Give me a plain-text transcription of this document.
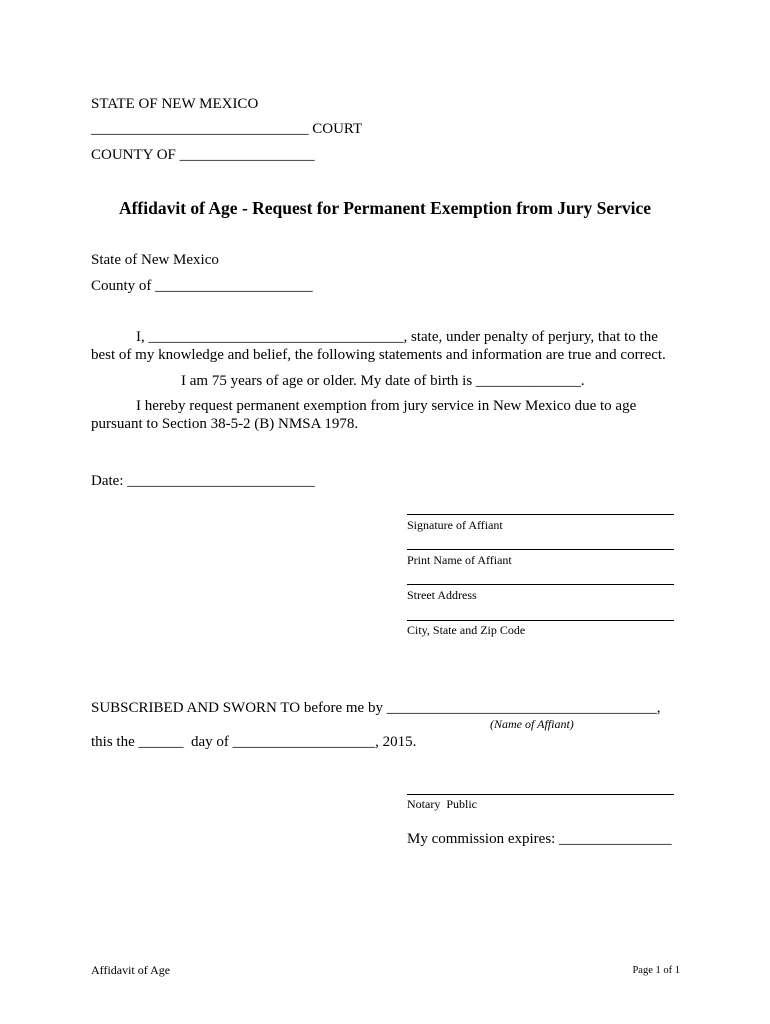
STATE OF NEW MEXICO
_____________________________ COURT
COUNTY OF __________________
Affidavit of Age - Request for Permanent Exemption from Jury Service
State of New Mexico
County of _____________________
I, __________________________________, state, under penalty of perjury, that to the
best of my knowledge and belief, the following statements and information are true and correct.
I am 75 years of age or older. My date of birth is ______________.
I hereby request permanent exemption from jury service in New Mexico due to age
pursuant to Section 38-5-2 (B) NMSA 1978.
Date: _________________________
Signature of Affiant
Print Name of Affiant
Street Address
City, State and Zip Code
SUBSCRIBED AND SWORN TO before me by ____________________________________,
(Name of Affiant)
this the ______  day of ___________________, 2015.
Notary  Public
My commission expires: _______________
Affidavit of Age	Page 1 of 1
